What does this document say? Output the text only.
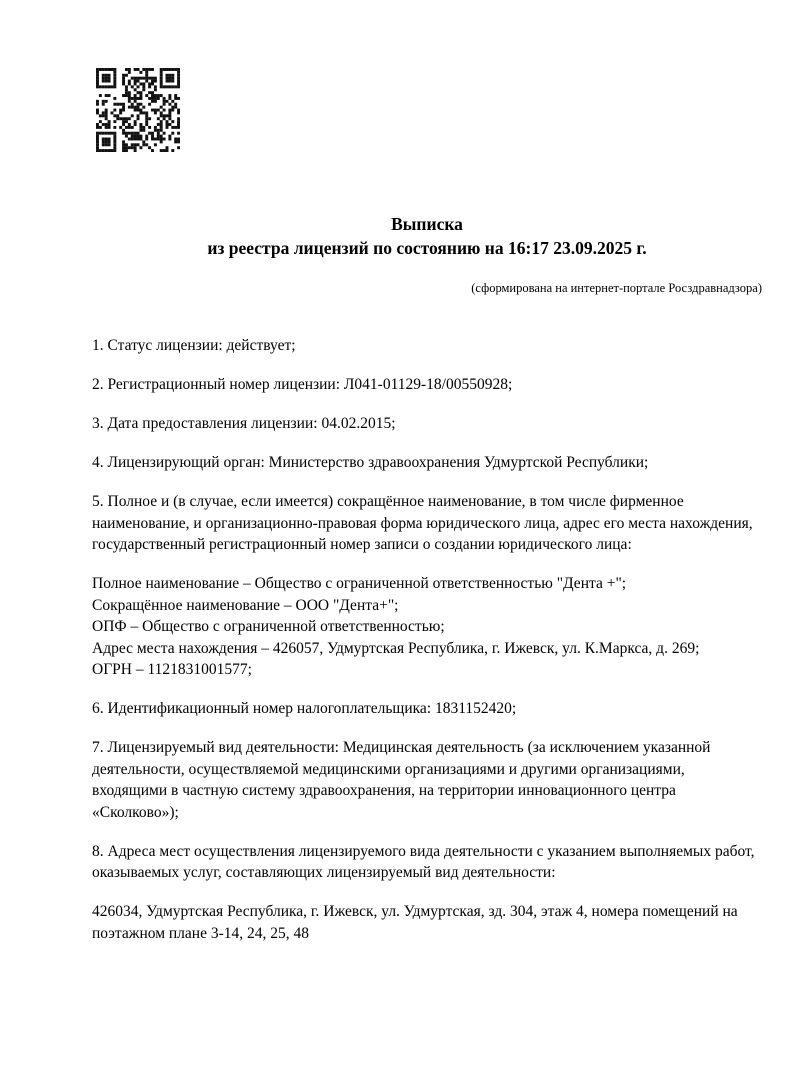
Выписка
из реестра лицензий по состоянию на 16:17 23.09.2025 г.
(сформирована на интернет-портале Росздравнадзора)

1. Статус лицензии: действует;

2. Регистрационный номер лицензии: Л041-01129-18/00550928;

3. Дата предоставления лицензии: 04.02.2015;

4. Лицензирующий орган: Министерство здравоохранения Удмуртской Республики;

5. Полное и (в случае, если имеется) сокращённое наименование, в том числе фирменное наименование, и организационно-правовая форма юридического лица, адрес его места нахождения, государственный регистрационный номер записи о создании юридического лица:

Полное наименование – Общество с ограниченной ответственностью "Дента +";
Сокращённое наименование – ООО "Дента+";
ОПФ – Общество с ограниченной ответственностью;
Адрес места нахождения – 426057, Удмуртская Республика, г. Ижевск, ул. К.Маркса, д. 269;
ОГРН – 1121831001577;

6. Идентификационный номер налогоплательщика: 1831152420;

7. Лицензируемый вид деятельности: Медицинская деятельность (за исключением указанной деятельности, осуществляемой медицинскими организациями и другими организациями, входящими в частную систему здравоохранения, на территории инновационного центра «Сколково»);

8. Адреса мест осуществления лицензируемого вида деятельности с указанием выполняемых работ, оказываемых услуг, составляющих лицензируемый вид деятельности:

426034, Удмуртская Республика, г. Ижевск, ул. Удмуртская, зд. 304, этаж 4, номера помещений на поэтажном плане 3-14, 24, 25, 48
